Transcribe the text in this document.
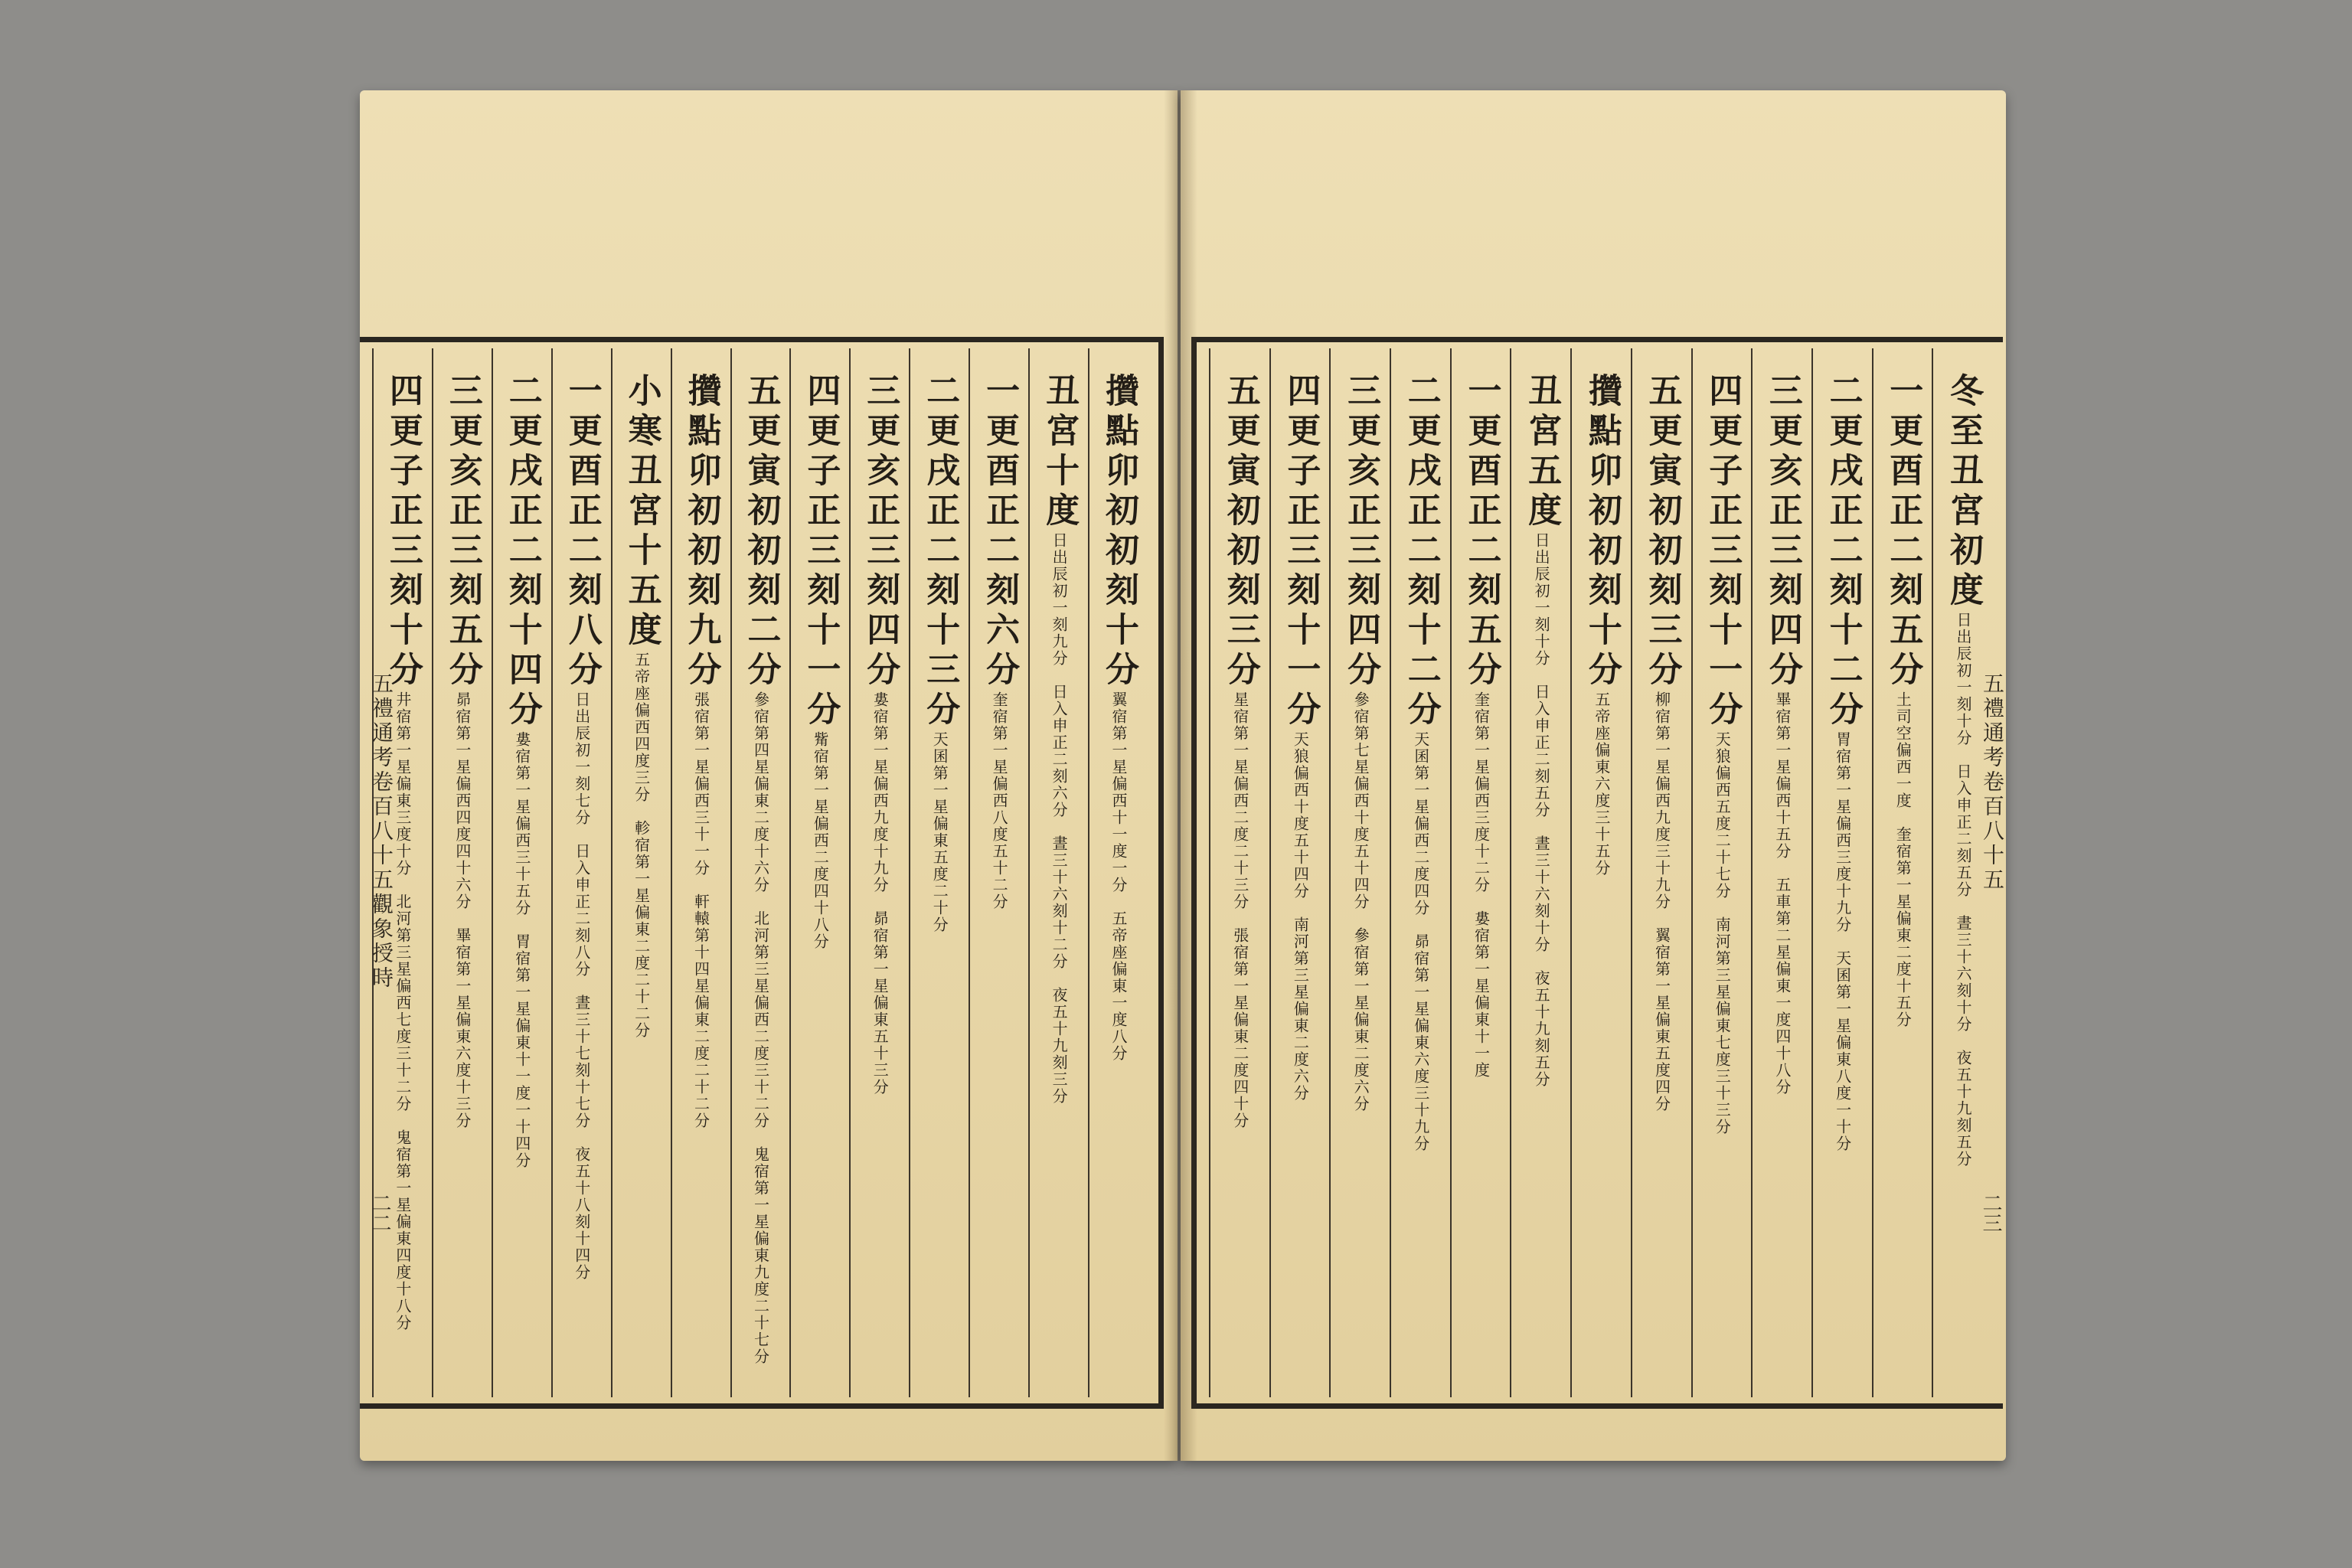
攢點卯初初刻十分翼宿第一星偏西十一度一分　五帝座偏東一度八分
丑宮十度日出辰初一刻九分　日入申正二刻六分　晝三十六刻十二分　夜五十九刻三分
一更酉正二刻六分奎宿第一星偏西八度五十二分
二更戌正二刻十三分天囷第一星偏東五度二十分
三更亥正三刻四分婁宿第一星偏西九度十九分　昴宿第一星偏東五十三分
四更子正三刻十一分觜宿第一星偏西二度四十八分
五更寅初初刻二分參宿第四星偏東二度十六分　北河第三星偏西二度三十二分　鬼宿第一星偏東九度二十七分
攢點卯初初刻九分張宿第一星偏西三十一分　軒轅第十四星偏東二度二十二分
小寒丑宮十五度五帝座偏西四度三分　軫宿第一星偏東二度二十二分
一更酉正二刻八分日出辰初一刻七分　日入申正二刻八分　晝三十七刻十七分　夜五十八刻十四分
二更戌正二刻十四分婁宿第一星偏西三十五分　胃宿第一星偏東十一度一十四分
三更亥正三刻五分昴宿第一星偏西四度四十六分　畢宿第一星偏東六度十三分
四更子正三刻十分井宿第一星偏東三度十分　北河第三星偏西七度三十二分　鬼宿第一星偏東四度十八分
五禮通考卷百八十五觀象授時
二二
冬至丑宮初度日出辰初一刻十分　日入申正二刻五分　晝三十六刻十分　夜五十九刻五分
一更酉正二刻五分土司空偏西一度　奎宿第一星偏東二度十五分
二更戌正二刻十二分胃宿第一星偏西三度十九分　天囷第一星偏東八度一十分
三更亥正三刻四分畢宿第一星偏西十五分　五車第二星偏東一度四十八分
四更子正三刻十一分天狼偏西五度二十七分　南河第三星偏東七度三十三分
五更寅初初刻三分柳宿第一星偏西九度三十九分　翼宿第一星偏東五度四分
攢點卯初初刻十分五帝座偏東六度三十五分
丑宮五度日出辰初一刻十分　日入申正二刻五分　晝三十六刻十分　夜五十九刻五分
一更酉正二刻五分奎宿第一星偏西三度十二分　婁宿第一星偏東十一度
二更戌正二刻十二分天囷第一星偏西二度四分　昴宿第一星偏東六度三十九分
三更亥正三刻四分參宿第七星偏西十度五十四分　參宿第一星偏東二度六分
四更子正三刻十一分天狼偏西十度五十四分　南河第三星偏東二度六分
五更寅初初刻三分星宿第一星偏西二度二十三分　張宿第一星偏東二度四十分	五禮通考卷百八十五
二三
